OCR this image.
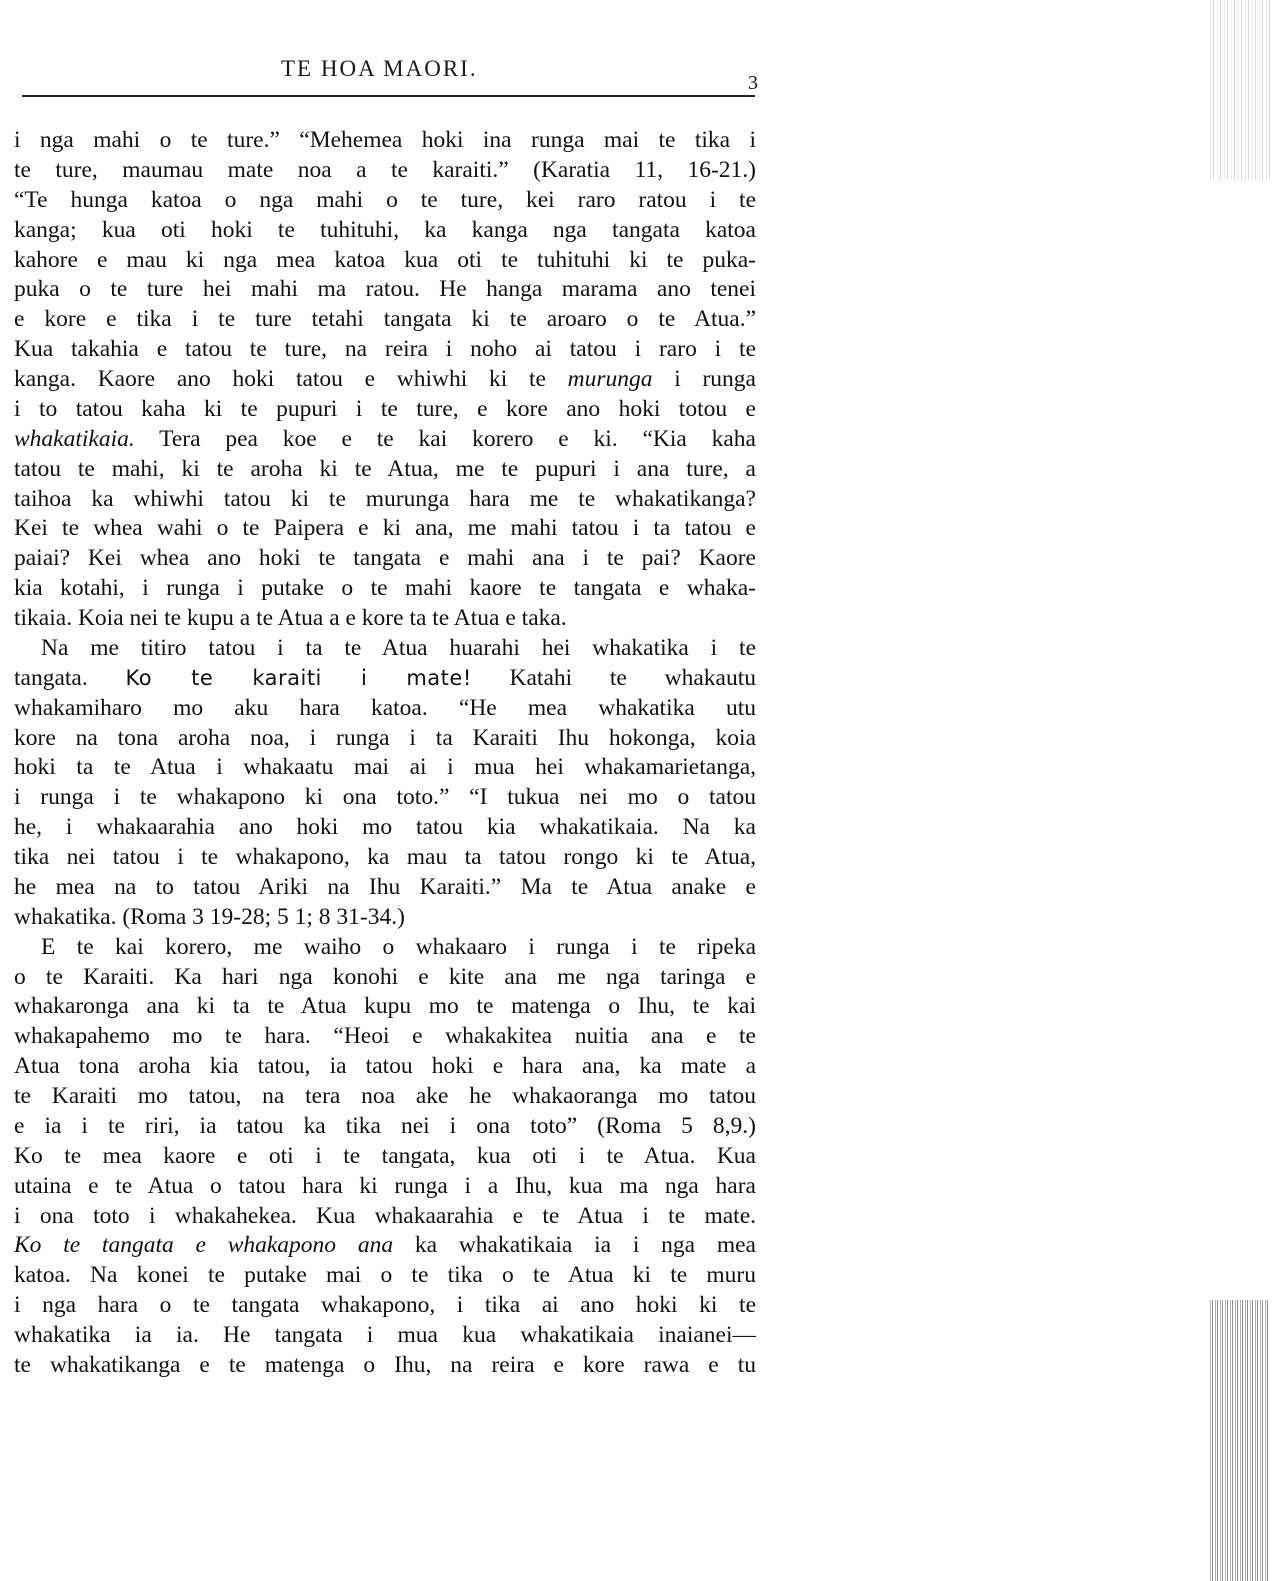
TE HOA MAORI.
3
i nga mahi o te ture.” “Mehemea hoki ina runga mai te tika i
te ture, maumau mate noa a te karaiti.” (Karatia 11, 16-21.)
“Te hunga katoa o nga mahi o te ture, kei raro ratou i te
kanga; kua oti hoki te tuhituhi, ka kanga nga tangata katoa
kahore e mau ki nga mea katoa kua oti te tuhituhi ki te puka-
puka o te ture hei mahi ma ratou. He hanga marama ano tenei
e kore e tika i te ture tetahi tangata ki te aroaro o te Atua.”
Kua takahia e tatou te ture, na reira i noho ai tatou i raro i te
kanga. Kaore ano hoki tatou e whiwhi ki te murunga i runga
i to tatou kaha ki te pupuri i te ture, e kore ano hoki totou e
whakatikaia. Tera pea koe e te kai korero e ki. “Kia kaha
tatou te mahi, ki te aroha ki te Atua, me te pupuri i ana ture, a
taihoa ka whiwhi tatou ki te murunga hara me te whakatikanga?
Kei te whea wahi o te Paipera e ki ana, me mahi tatou i ta tatou e
paiai? Kei whea ano hoki te tangata e mahi ana i te pai? Kaore
kia kotahi, i runga i putake o te mahi kaore te tangata e whaka-
tikaia. Koia nei te kupu a te Atua a e kore ta te Atua e taka.
Na me titiro tatou i ta te Atua huarahi hei whakatika i te
tangata. Ko te karaiti i mate! Katahi te whakautu
whakamiharo mo aku hara katoa. “He mea whakatika utu
kore na tona aroha noa, i runga i ta Karaiti Ihu hokonga, koia
hoki ta te Atua i whakaatu mai ai i mua hei whakamarietanga,
i runga i te whakapono ki ona toto.” “I tukua nei mo o tatou
he, i whakaarahia ano hoki mo tatou kia whakatikaia. Na ka
tika nei tatou i te whakapono, ka mau ta tatou rongo ki te Atua,
he mea na to tatou Ariki na Ihu Karaiti.” Ma te Atua anake e
whakatika. (Roma 3 19-28; 5 1; 8 31-34.)
E te kai korero, me waiho o whakaaro i runga i te ripeka
o te Karaiti. Ka hari nga konohi e kite ana me nga taringa e
whakaronga ana ki ta te Atua kupu mo te matenga o Ihu, te kai
whakapahemo mo te hara. “Heoi e whakakitea nuitia ana e te
Atua tona aroha kia tatou, ia tatou hoki e hara ana, ka mate a
te Karaiti mo tatou, na tera noa ake he whakaoranga mo tatou
e ia i te riri, ia tatou ka tika nei i ona toto” (Roma 5 8,9.)
Ko te mea kaore e oti i te tangata, kua oti i te Atua. Kua
utaina e te Atua o tatou hara ki runga i a Ihu, kua ma nga hara
i ona toto i whakahekea. Kua whakaarahia e te Atua i te mate.
Ko te tangata e whakapono ana ka whakatikaia ia i nga mea
katoa. Na konei te putake mai o te tika o te Atua ki te muru
i nga hara o te tangata whakapono, i tika ai ano hoki ki te
whakatika ia ia. He tangata i mua kua whakatikaia inaianei—
te whakatikanga e te matenga o Ihu, na reira e kore rawa e tu
